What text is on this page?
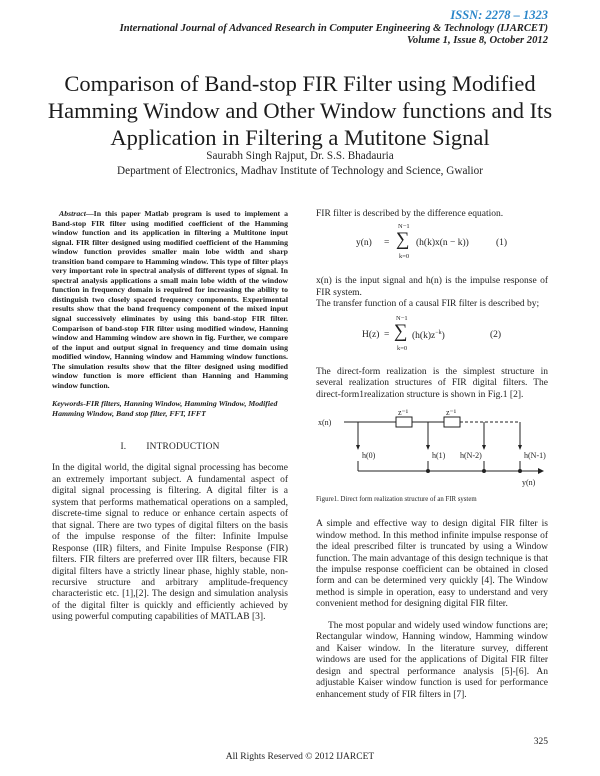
ISSN: 2278 – 1323
International Journal of Advanced Research in Computer Engineering & Technology (IJARCET)
Volume 1, Issue 8, October 2012
Comparison of Band-stop FIR Filter using Modified Hamming Window and Other Window functions and Its Application in Filtering a Mutitone Signal
Saurabh Singh Rajput, Dr. S.S. Bhadauria
Department of Electronics, Madhav Institute of Technology and Science, Gwalior

Abstract—In this paper Matlab program is used to implement a Band-stop FIR filter using modified coefficient of the Hamming window function and its application in filtering a Multitone input signal. FIR filter designed using modified coefficient of the Hamming window function provides smaller main lobe width and sharp transition band compare to Hamming window. This type of filter plays very important role in spectral analysis of different types of signal. In spectral analysis applications a small main lobe width of the window function in frequency domain is required for increasing the ability to distinguish two closely spaced frequency components. Experimental results show that the band frequency component of the mixed input signal successively eliminates by using this band-stop FIR filter. Comparison of band-stop FIR filter using modified window, Hanning window and Hamming window are shown in fig. Further, we compare of the input and output signal in frequency and time domain using modified window, Hanning window and Hamming window functions. The simulation results show that the filter designed using modified window function is more efficient than Hanning and Hamming window function.

Keywords-FIR filters, Hanning Window, Hamming Window, Modified Hamming Window, Band stop filter, FFT, IFFT

I. INTRODUCTION

In the digital world, the digital signal processing has become an extremely important subject. A fundamental aspect of digital signal processing is filtering. A digital filter is a system that performs mathematical operations on a sampled, discrete-time signal to reduce or enhance certain aspects of that signal. There are two types of digital filters on the basis of the impulse response of the filter: Infinite Impulse Response (IIR) filters, and Finite Impulse Response (FIR) filters. FIR filters are preferred over IIR filters, because FIR digital filters have a strictly linear phase, highly stable, non-recursive structure and arbitrary amplitude-frequency characteristic etc. [1],[2]. The design and simulation analysis of the digital filter is quickly and efficiently achieved by using powerful computing capabilities of MATLAB [3].

FIR filter is described by the difference equation.

y(n) =
N−1
∑
k=0
(h(k)x(n − k))	(1)

x(n) is the input signal and h(n) is the impulse response of FIR system.
The transfer function of a causal FIR filter is described by;

H(z) =
N−1
∑
k=0
$(h(k)z^{-k})$	(2)

The direct-form realization is the simplest structure in several realization structures of FIR digital filters. The direct-form1realization structure is shown in Fig.1 [2].

x(n)
z⁻¹	z⁻¹
h(0)	h(1) h(N-2)	h(N-1)
y(n)

Figure1. Direct form realization structure of an FIR system

A simple and effective way to design digital FIR filter is window method. In this method infinite impulse response of the ideal prescribed filter is truncated by using a Window function. The main advantage of this design technique is that the impulse response coefficient can be obtained in closed form and can be determined very quickly [4]. The Window method is simple in operation, easy to understand and very convenient method for designing digital FIR filter.

The most popular and widely used window functions are; Rectangular window, Hanning window, Hamming window and Kaiser window. In the literature survey, different windows are used for the applications of Digital FIR filter design and spectral performance analysis [5]-[6]. An adjustable Kaiser window function is used for performance enhancement study of FIR filters in [7].

325
All Rights Reserved © 2012 IJARCET
